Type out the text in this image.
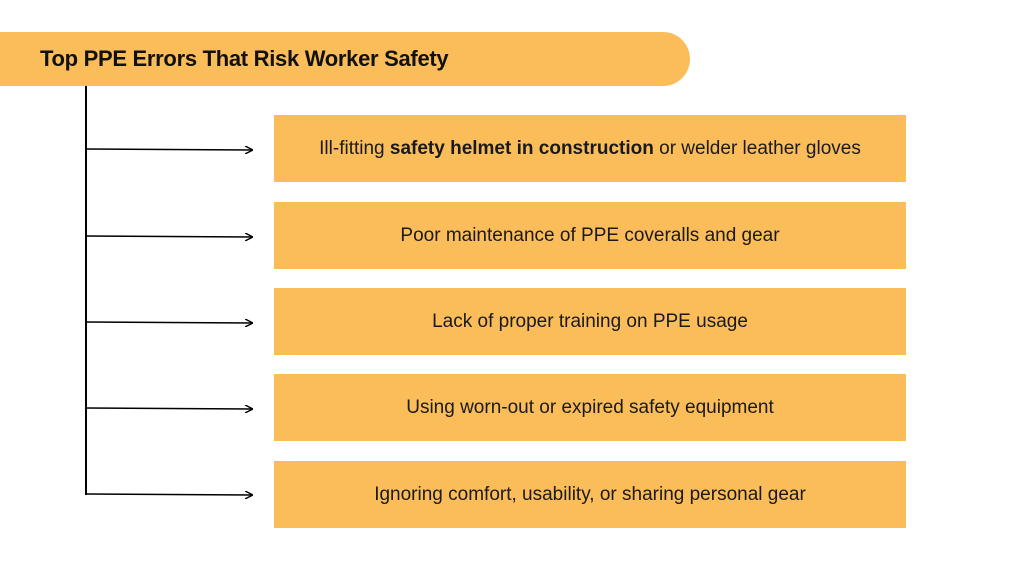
Top PPE Errors That Risk Worker Safety
Ill-fitting safety helmet in construction or welder leather gloves
Poor maintenance of PPE coveralls and gear
Lack of proper training on PPE usage
Using worn-out or expired safety equipment
Ignoring comfort, usability, or sharing personal gear
